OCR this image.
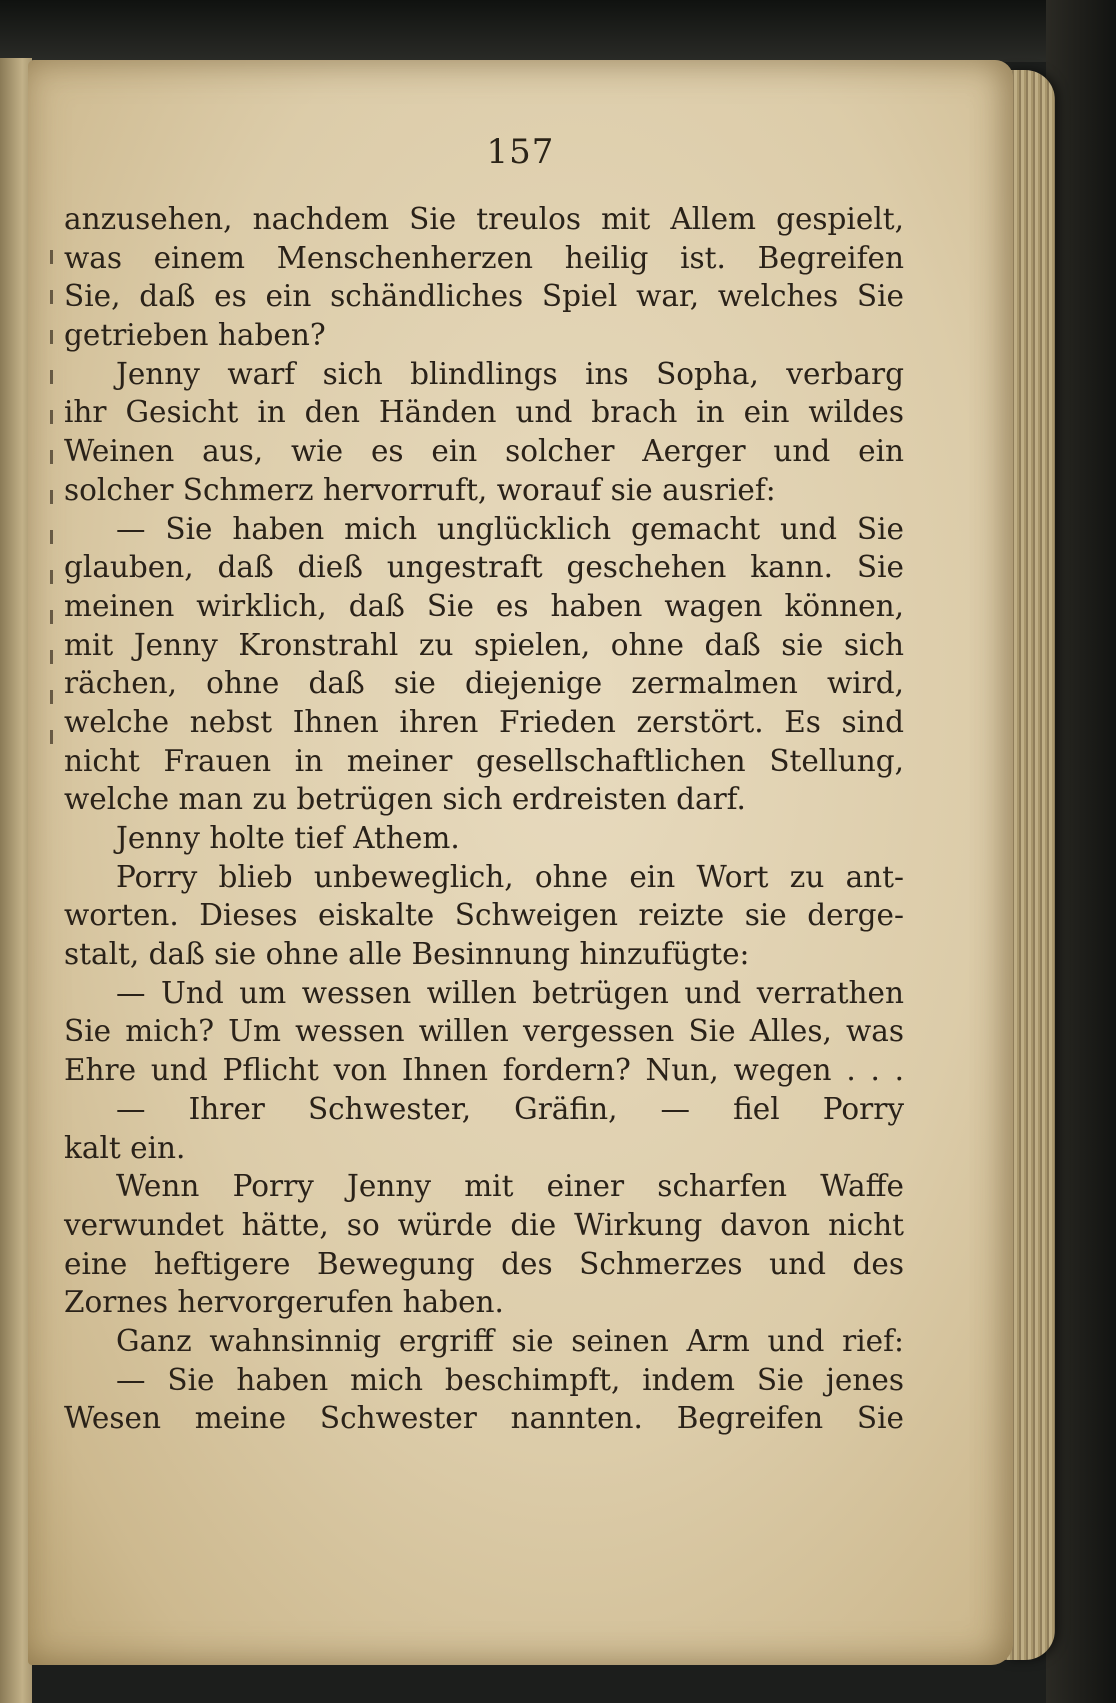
157
anzusehen, nachdem Sie treulos mit Allem gespielt,
was einem Menschenherzen heilig ist. Begreifen
Sie, daß es ein schändliches Spiel war, welches Sie
getrieben haben?
Jenny warf sich blindlings ins Sopha, verbarg
ihr Gesicht in den Händen und brach in ein wildes
Weinen aus, wie es ein solcher Aerger und ein
solcher Schmerz hervorruft, worauf sie ausrief:
— Sie haben mich unglücklich gemacht und Sie
glauben, daß dieß ungestraft geschehen kann. Sie
meinen wirklich, daß Sie es haben wagen können,
mit Jenny Kronstrahl zu spielen, ohne daß sie sich
rächen, ohne daß sie diejenige zermalmen wird,
welche nebst Ihnen ihren Frieden zerstört. Es sind
nicht Frauen in meiner gesellschaftlichen Stellung,
welche man zu betrügen sich erdreisten darf.
Jenny holte tief Athem.
Porry blieb unbeweglich, ohne ein Wort zu ant-
worten. Dieses eiskalte Schweigen reizte sie derge-
stalt, daß sie ohne alle Besinnung hinzufügte:
— Und um wessen willen betrügen und verrathen
Sie mich? Um wessen willen vergessen Sie Alles, was
Ehre und Pflicht von Ihnen fordern? Nun, wegen . . .
— Ihrer Schwester, Gräfin, — fiel Porry
kalt ein.
Wenn Porry Jenny mit einer scharfen Waffe
verwundet hätte, so würde die Wirkung davon nicht
eine heftigere Bewegung des Schmerzes und des
Zornes hervorgerufen haben.
Ganz wahnsinnig ergriff sie seinen Arm und rief:
— Sie haben mich beschimpft, indem Sie jenes
Wesen meine Schwester nannten. Begreifen Sie
